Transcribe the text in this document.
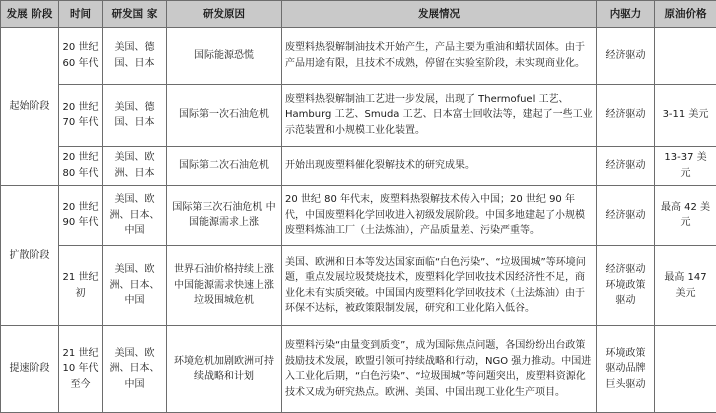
发展 阶段	时间	研发国 家	研发原因	发展情况	内驱力	原油价格
起始阶段	20 世纪 60 年代	美国、德 国、日本	国际能源恐慌	废塑料热裂解制油技术开始产生，产品主要为重油和蜡状固体。由于产品用途有限，且技术不成熟，停留在实验室阶段，未实现商业化。	经济驱动	
	20 世纪 70 年代	美国、德 国、日本	国际第一次石油危机	废塑料热裂解制油工艺进一步发展，出现了 Thermofuel 工艺、Hamburg 工艺、Smuda 工艺、日本富士回收法等，建起了一些工业示范装置和小规模工业化装置。	经济驱动	3-11 美元
	20 世纪 80 年代	美国、欧 洲、日本	国际第二次石油危机	开始出现废塑料催化裂解技术的研究成果。	经济驱动	13-37 美 元
扩散阶段	20 世纪 90 年代	美国、欧 洲、日本、 中国	国际第三次石油危机 中国能源需求上涨	20 世纪 80 年代末，废塑料热裂解技术传入中国；20 世纪 90 年代，中国废塑料化学回收进入初级发展阶段。中国多地建起了小规模废塑料炼油工厂（土法炼油），产品质量差、污染严重等。	经济驱动	最高 42 美 元
	21 世纪 初	美国、欧 洲、日本、 中国	世界石油价格持续上涨 中国能源需求快速上涨 垃圾围城危机	美国、欧洲和日本等发达国家面临“白色污染”、“垃圾围城”等环境问题，重点发展垃圾焚烧技术，废塑料化学回收技术因经济性不足，商业化未有实质突破。中国国内废塑料化学回收技术（土法炼油）由于环保不达标，被政策限制发展，研究和工业化陷入低谷。	经济驱动 环境政策 驱动	最高 147 美元
提速阶段	21 世纪 10 年代 至今	美国、欧 洲、日本、 中国	环境危机加剧欧洲可持 续战略和计划	废塑料污染“由量变到质变”，成为国际焦点问题，各国纷纷出台政策鼓励技术发展，欧盟引领可持续战略和行动，NGO 强力推动。中国进入工业化后期，“白色污染”、“垃圾围城”等问题突出，废塑料资源化技术又成为研究热点。欧洲、美国、中国出现工业化生产项目。	环境政策 驱动品牌 巨头驱动	
